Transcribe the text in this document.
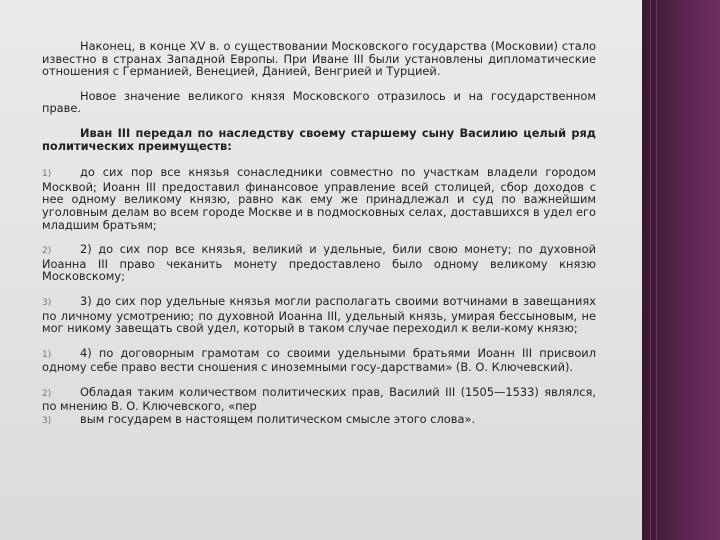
Наконец, в конце XV в. о существовании Московского государства (Московии) стало известно в странах Западной Европы. При Иване III были установлены дипломатические отношения с Германией, Венецией, Данией, Венгрией и Турцией.

Новое значение великого князя Московского отразилось и на государственном праве.

Иван III передал по наследству своему старшему сыну Василию целый ряд политических преимуществ:

1)	до сих пор все князья сонаследники совместно по участкам владели городом Москвой; Иоанн III предоставил финансовое управление всей столицей, сбор доходов с нее одному великому князю, равно как ему же принадлежал и суд по важнейшим уголовным делам во всем городе Москве и в подмосковных селах, доставшихся в удел его младшим братьям;

2)	2) до сих пор все князья, великий и удельные, били свою монету; по духовной Иоанна III право чеканить монету предоставлено было одному великому князю Московскому;

3)	3) до сих пор удельные князья могли располагать своими вотчинами в завещаниях по личному усмотрению; по духовной Иоанна III, удельный князь, умирая бессыновым, не мог никому завещать свой удел, который в таком случае переходил к вели-кому князю;

1)	4) по договорным грамотам со своими удельными братьями Иоанн III присвоил одному себе право вести сношения с иноземными госу-дарствами» (В. О. Ключевский).

2)	Обладая таким количеством политических прав, Василий III (1505—1533) являлся, по мнению В. О. Ключевского, «пер

3)	вым государем в настоящем политическом смысле этого слова».
